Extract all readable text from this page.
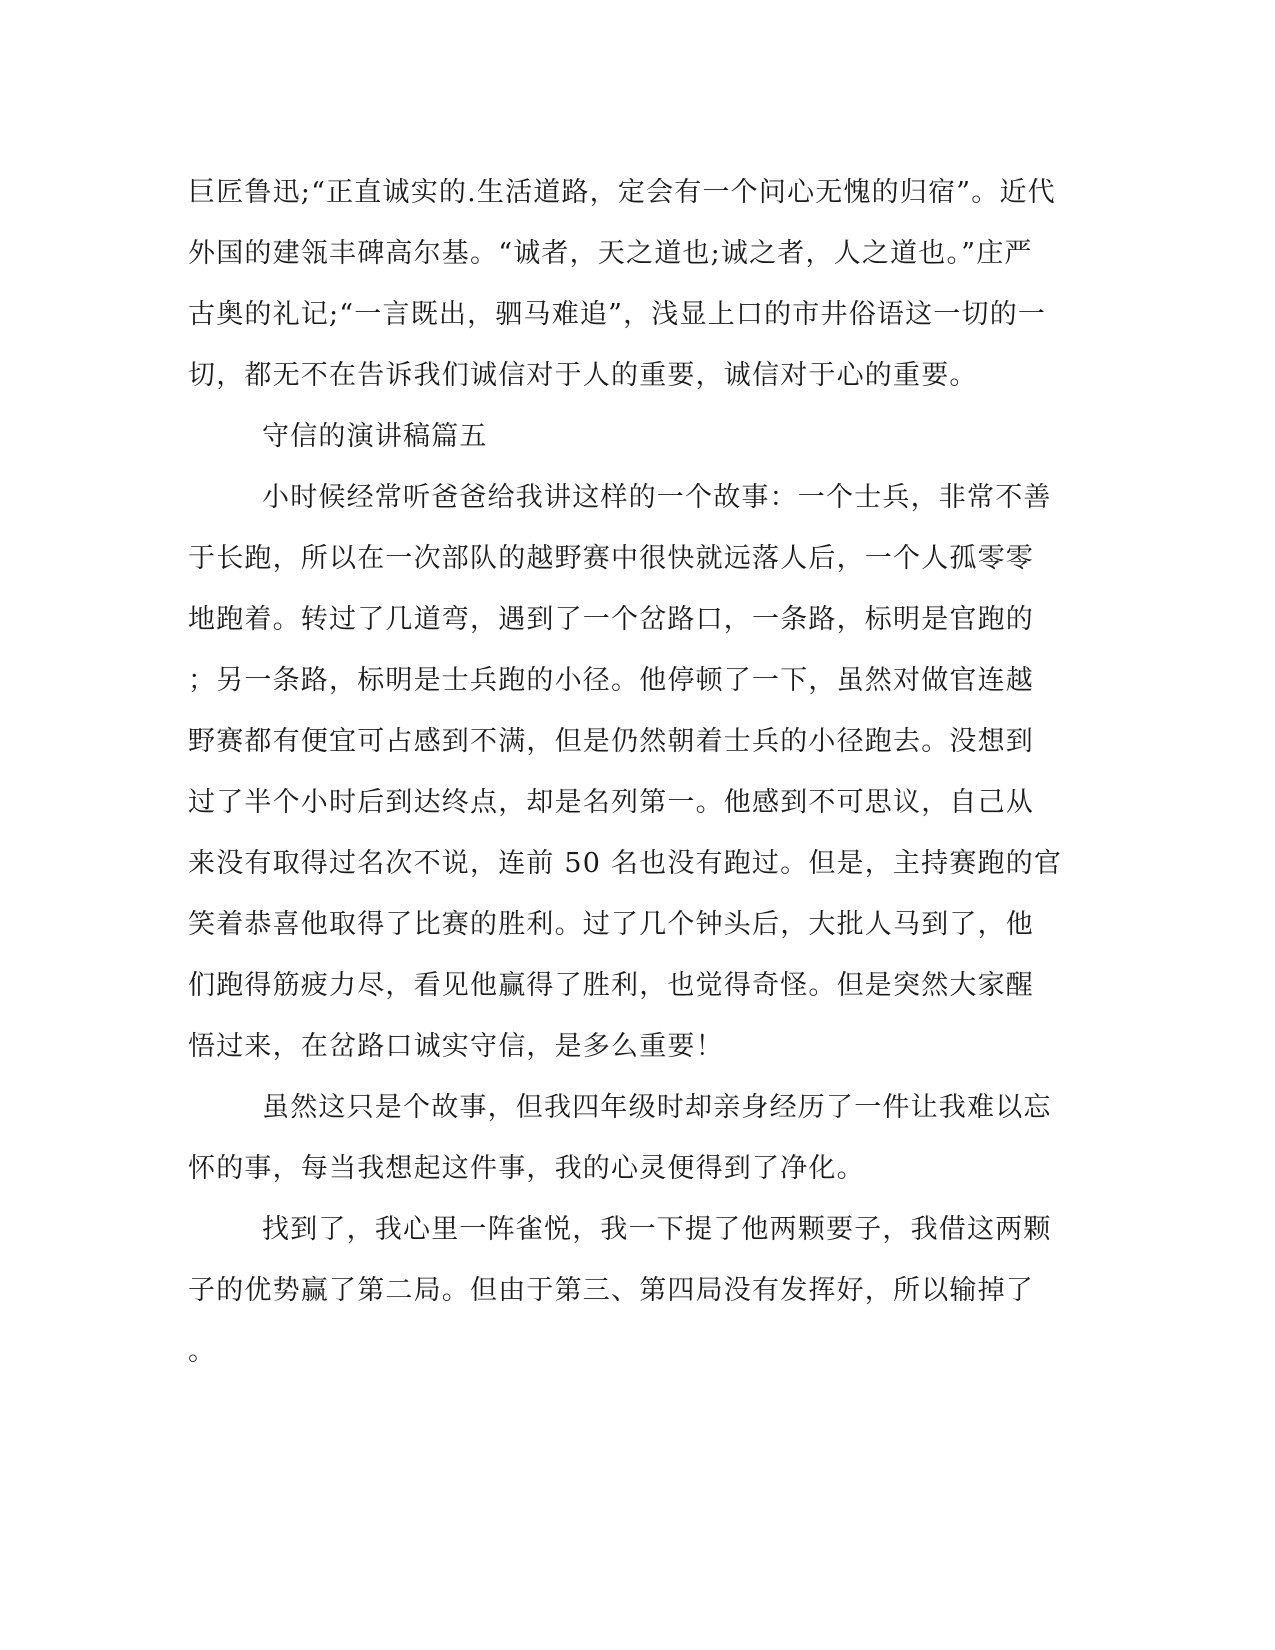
巨匠鲁迅;“正直诚实的.生活道路，定会有一个问心无愧的归宿”。近代
外国的建瓴丰碑高尔基。“诚者，天之道也;诚之者，人之道也。”庄严
古奥的礼记;“一言既出，驷马难追”，浅显上口的市井俗语这一切的一
切，都无不在告诉我们诚信对于人的重要，诚信对于心的重要。
守信的演讲稿篇五
小时候经常听爸爸给我讲这样的一个故事：一个士兵，非常不善
于长跑，所以在一次部队的越野赛中很快就远落人后，一个人孤零零
地跑着。转过了几道弯，遇到了一个岔路口，一条路，标明是官跑的
；另一条路，标明是士兵跑的小径。他停顿了一下，虽然对做官连越
野赛都有便宜可占感到不满，但是仍然朝着士兵的小径跑去。没想到
过了半个小时后到达终点，却是名列第一。他感到不可思议，自己从
来没有取得过名次不说，连前 50 名也没有跑过。但是，主持赛跑的官
笑着恭喜他取得了比赛的胜利。过了几个钟头后，大批人马到了，他
们跑得筋疲力尽，看见他赢得了胜利，也觉得奇怪。但是突然大家醒
悟过来，在岔路口诚实守信，是多么重要！
虽然这只是个故事，但我四年级时却亲身经历了一件让我难以忘
怀的事，每当我想起这件事，我的心灵便得到了净化。
找到了，我心里一阵雀悦，我一下提了他两颗要子，我借这两颗
子的优势赢了第二局。但由于第三、第四局没有发挥好，所以输掉了
。
